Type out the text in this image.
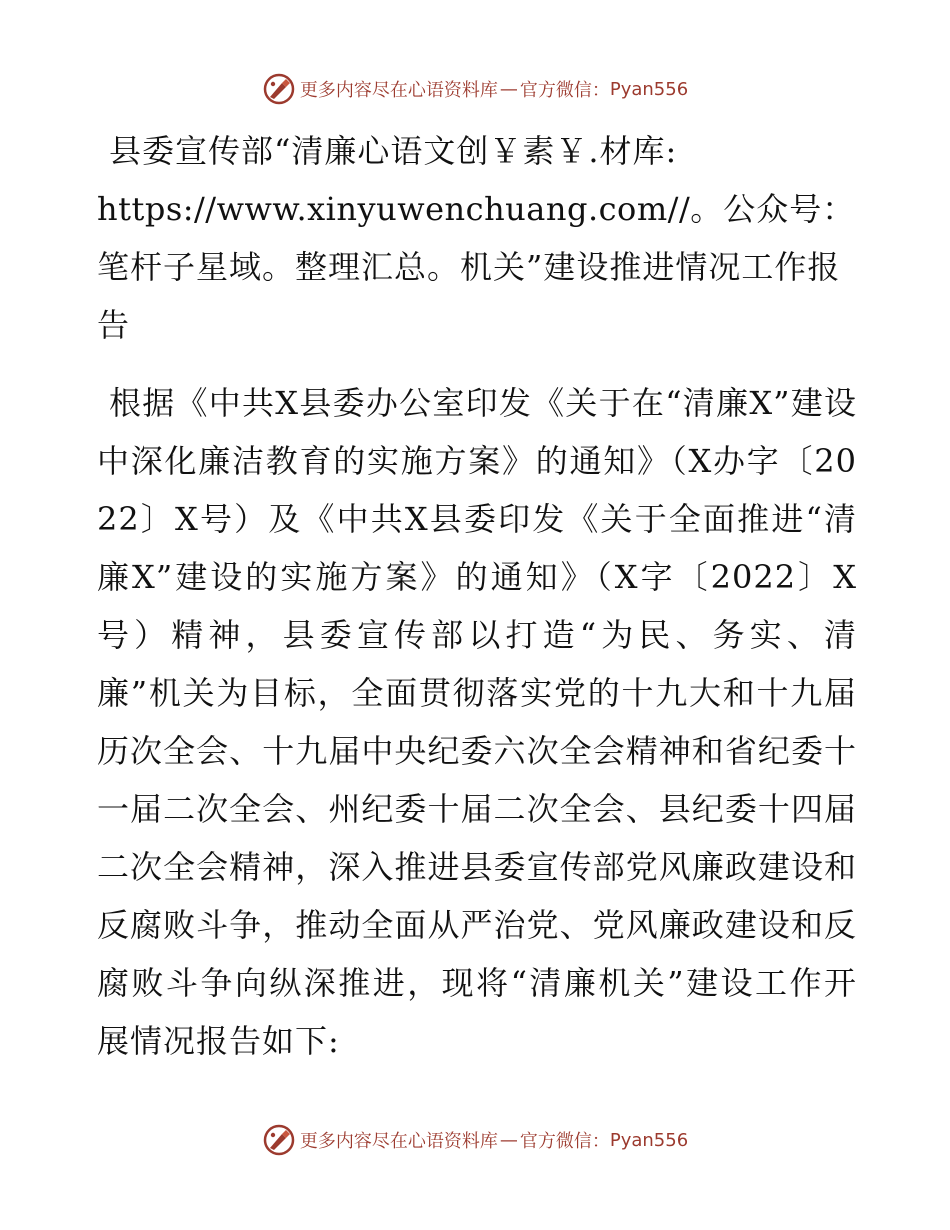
更多内容尽在心语资料库 — 官方微信： Pyan556

县委宣传部“清廉心语文创￥素￥.材库:
https://www.xinyuwenchuang.com//。公众号：笔杆子星域。整理汇总。机关”建设推进情况工作报告

根据《中共X县委办公室印发《关于在“清廉X”建设中深化廉洁教育的实施方案》的通知》（X办字〔2022〕X号）及《中共X县委印发《关于全面推进“清廉X”建设的实施方案》的通知》（X字〔2022〕X号）精神，县委宣传部以打造“为民、务实、清廉”机关为目标，全面贯彻落实党的十九大和十九届历次全会、十九届中央纪委六次全会精神和省纪委十一届二次全会、州纪委十届二次全会、县纪委十四届二次全会精神，深入推进县委宣传部党风廉政建设和反腐败斗争，推动全面从严治党、党风廉政建设和反腐败斗争向纵深推进，现将“清廉机关”建设工作开展情况报告如下:

更多内容尽在心语资料库 — 官方微信： Pyan556
